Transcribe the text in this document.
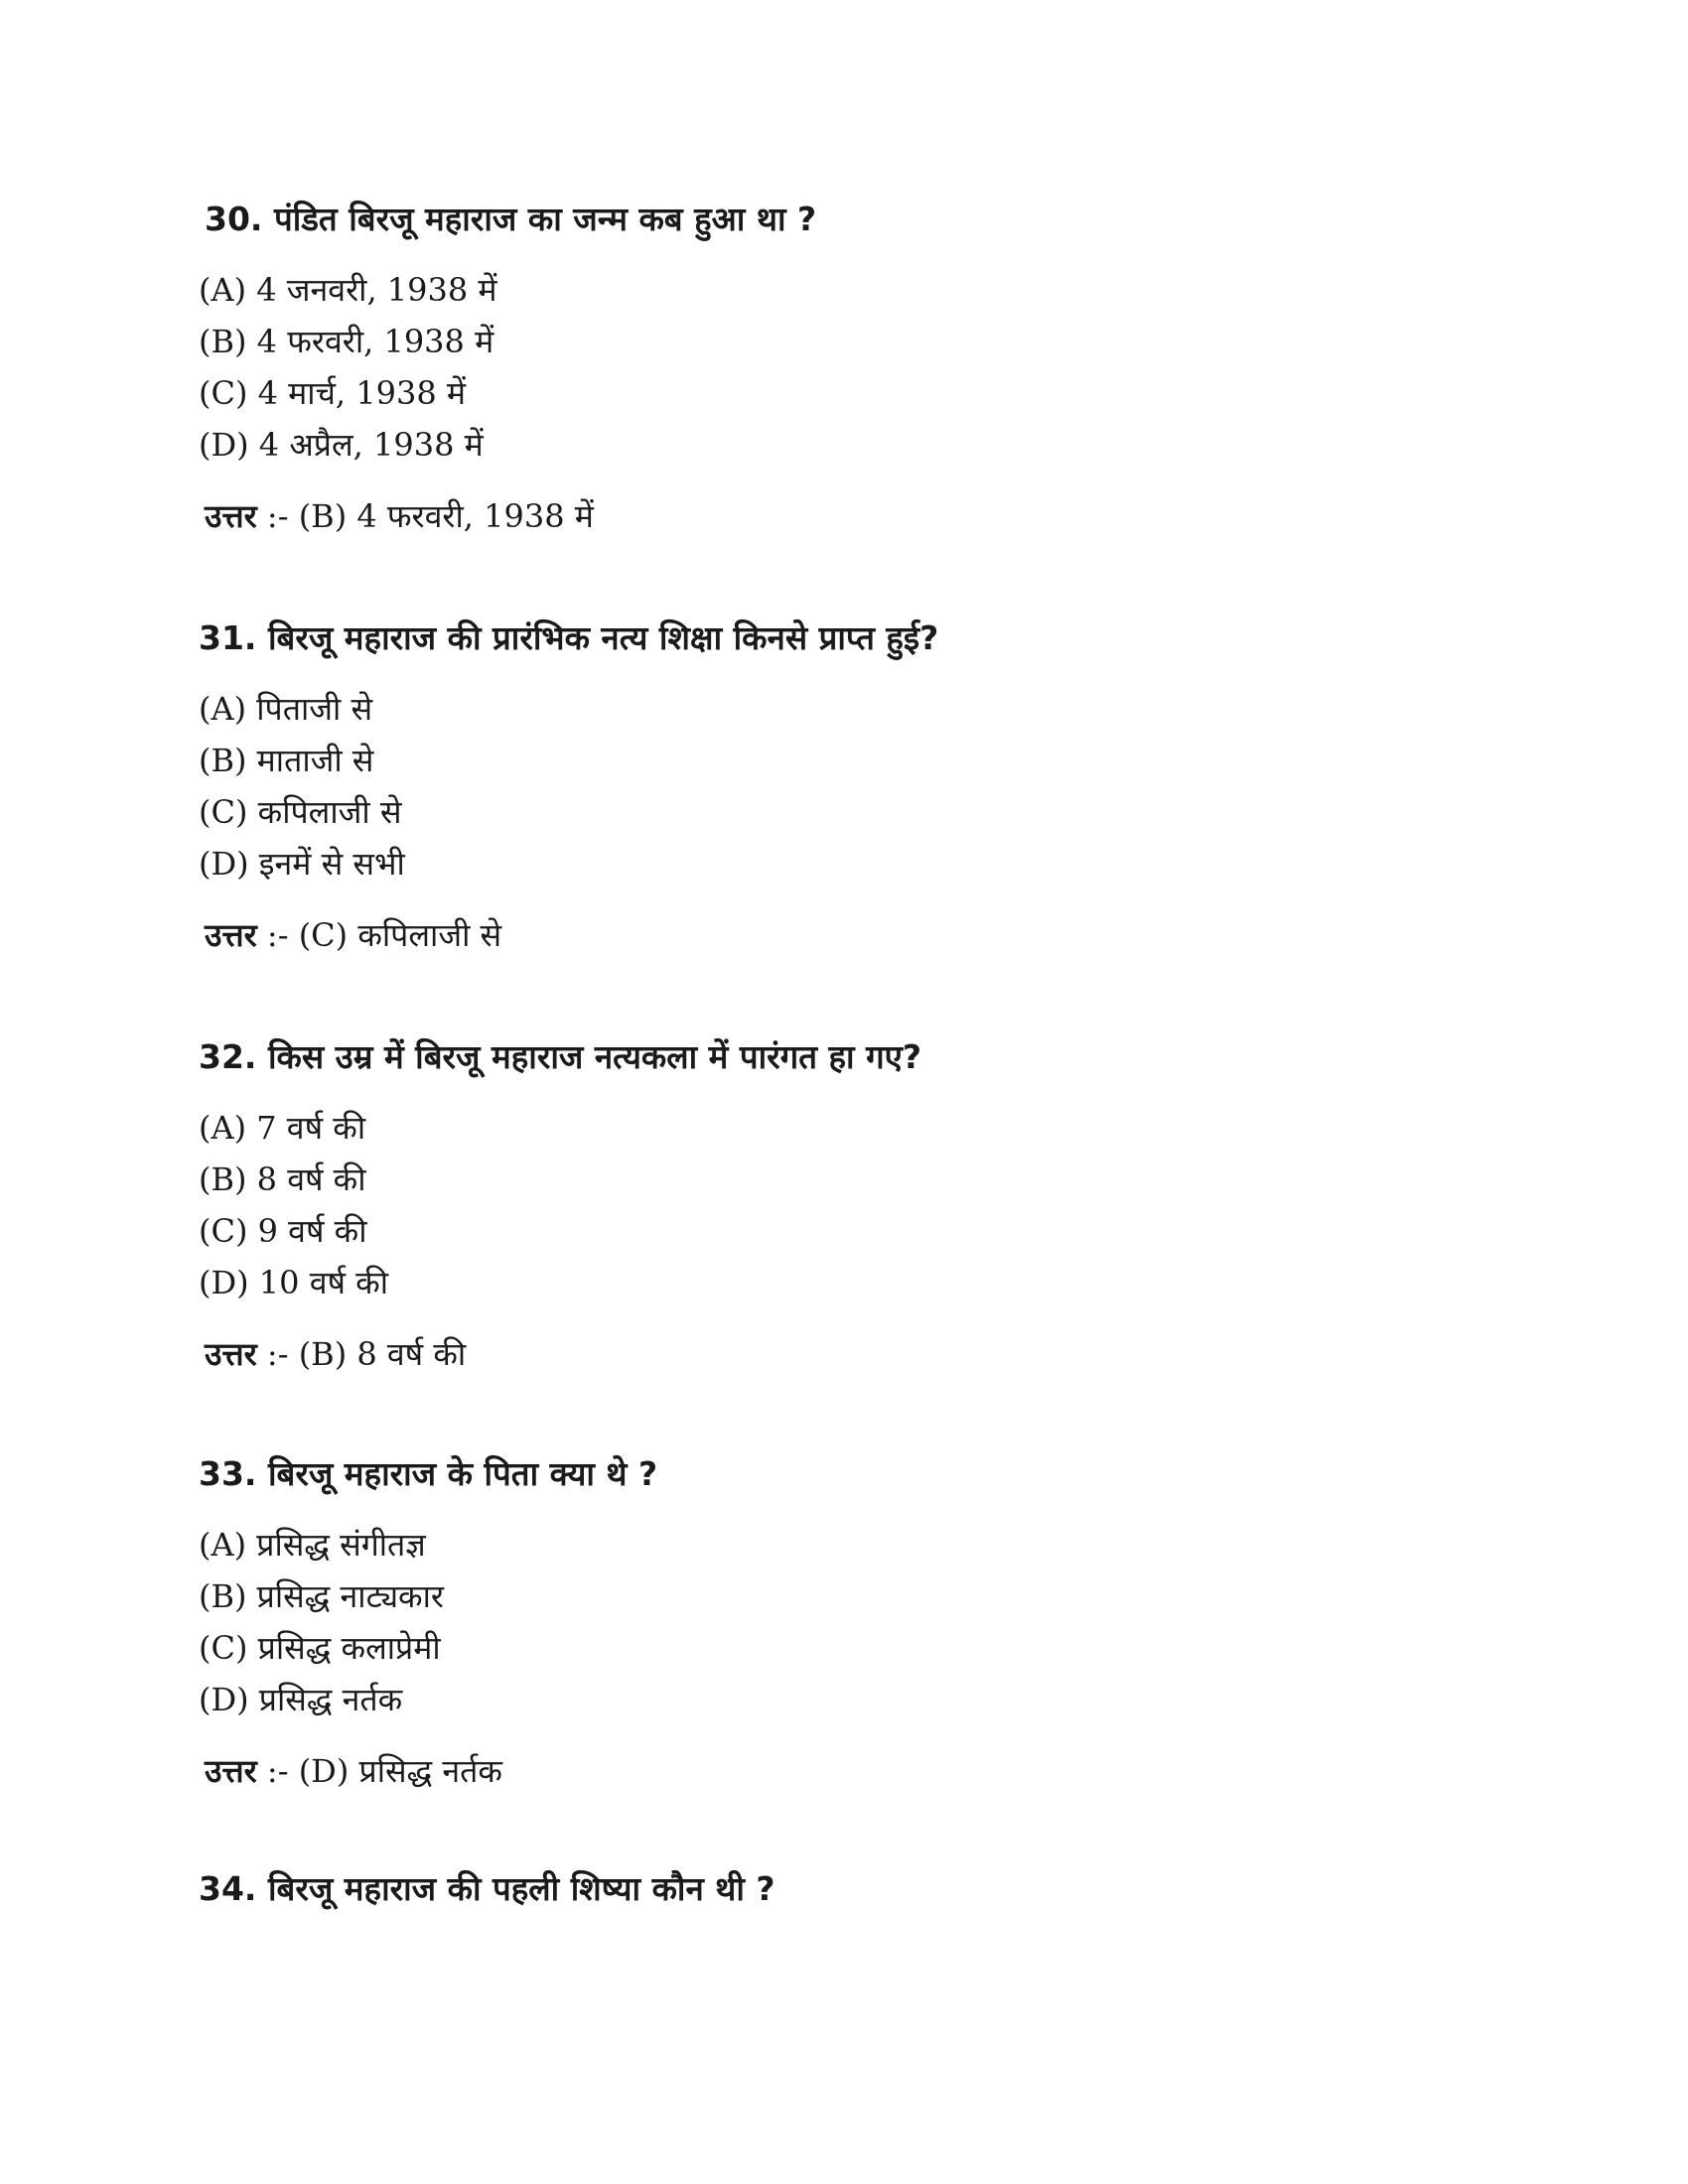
30. पंडित बिरजू महाराज का जन्म कब हुआ था ?
(A) 4 जनवरी, 1938 में
(B) 4 फरवरी, 1938 में
(C) 4 मार्च, 1938 में
(D) 4 अप्रैल, 1938 में
उत्तर :- (B) 4 फरवरी, 1938 में
31. बिरजू महाराज की प्रारंभिक नत्य शिक्षा किनसे प्राप्त हुई?
(A) पिताजी से
(B) माताजी से
(C) कपिलाजी से
(D) इनमें से सभी
उत्तर :- (C) कपिलाजी से
32. किस उम्र में बिरजू महाराज नत्यकला में पारंगत हा गए?
(A) 7 वर्ष की
(B) 8 वर्ष की
(C) 9 वर्ष की
(D) 10 वर्ष की
उत्तर :- (B) 8 वर्ष की
33. बिरजू महाराज के पिता क्या थे ?
(A) प्रसिद्ध संगीतज्ञ
(B) प्रसिद्ध नाट्यकार
(C) प्रसिद्ध कलाप्रेमी
(D) प्रसिद्ध नर्तक
उत्तर :- (D) प्रसिद्ध नर्तक
34. बिरजू महाराज की पहली शिष्या कौन थी ?
